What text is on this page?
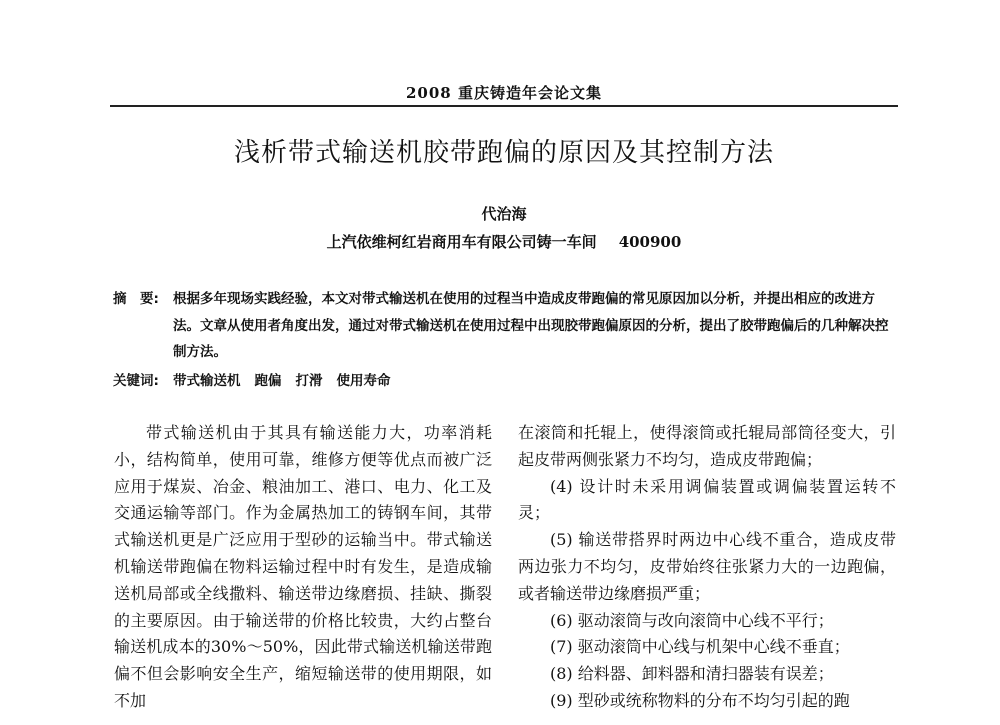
2008 重庆铸造年会论文集
浅析带式输送机胶带跑偏的原因及其控制方法
代治海
上汽依维柯红岩商用车有限公司铸一车间 400900
摘　要:	根据多年现场实践经验，本文对带式输送机在使用的过程当中造成皮带跑偏的常见原因加以分析，并提出相应的改进方法。文章从使用者角度出发，通过对带式输送机在使用过程中出现胶带跑偏原因的分析，提出了胶带跑偏后的几种解决控制方法。
关键词:	带式输送机 跑偏 打滑 使用寿命

带式输送机由于其具有输送能力大，功率消耗小，结构简单，使用可靠，维修方便等优点而被广泛应用于煤炭、冶金、粮油加工、港口、电力、化工及交通运输等部门。作为金属热加工的铸钢车间，其带式输送机更是广泛应用于型砂的运输当中。带式输送机输送带跑偏在物料运输过程中时有发生，是造成输送机局部或全线撒料、输送带边缘磨损、挂缺、撕裂的主要原因。由于输送带的价格比较贵，大约占整台输送机成本的30%～50%，因此带式输送机输送带跑偏不但会影响安全生产，缩短输送带的使用期限，如不加

在滚筒和托辊上，使得滚筒或托辊局部筒径变大，引起皮带两侧张紧力不均匀，造成皮带跑偏；

(4) 设计时未采用调偏装置或调偏装置运转不灵；

(5) 输送带搭界时两边中心线不重合，造成皮带两边张力不均匀，皮带始终往张紧力大的一边跑偏，或者输送带边缘磨损严重；

(6) 驱动滚筒与改向滚筒中心线不平行；

(7) 驱动滚筒中心线与机架中心线不垂直；

(8) 给料器、卸料器和清扫器装有误差；

(9) 型砂或统称物料的分布不均匀引起的跑
